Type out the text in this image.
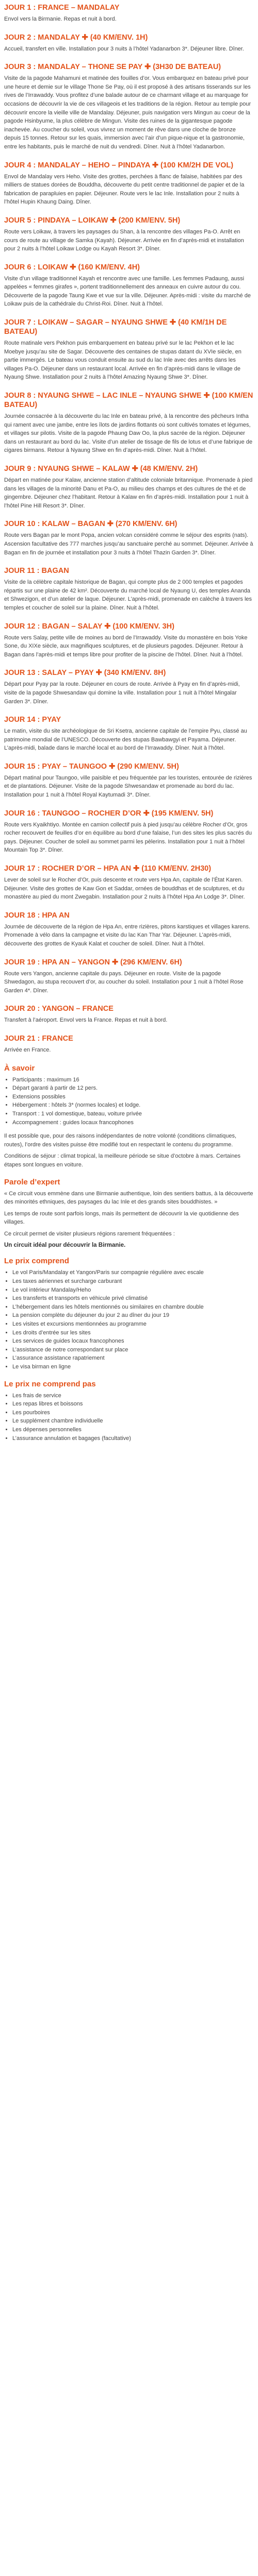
JOUR 1 : FRANCE – MANDALAY

Envol vers la Birmanie. Repas et nuit à bord.

JOUR 2 : MANDALAY ✚ (40 KM/ENV. 1H)

Accueil, transfert en ville. Installation pour 3 nuits à l’hôtel Yadanarbon 3*. Déjeuner libre. Dîner.

JOUR 3 : MANDALAY – THONE SE PAY ✚ (3H30 DE BATEAU)

Visite de la pagode Mahamuni et matinée des fouilles d’or. Vous embarquez en bateau privé pour une heure et demie sur le village Thone Se Pay, où il est proposé à des artisans tisserands sur les rives de l’Irrawaddy. Vous profitez d’une balade autour de ce charmant village et au marquage for occasions de découvrir la vie de ces villageois et les traditions de la région. Retour au temple pour découvrir encore la vieille ville de Mandalay. Déjeuner, puis navigation vers Mingun au coeur de la pagode Hsinbyume, la plus célèbre de Mingun. Visite des ruines de la gigantesque pagode inachevée. Au coucher du soleil, vous vivrez un moment de rêve dans une cloche de bronze depuis 15 tonnes. Retour sur les quais, immersion avec l’air d’un pique-nique et la gastronomie, entre les habitants, puis le marché de nuit du vendredi. Dîner. Nuit à l’hôtel Yadanarbon.

JOUR 4 : MANDALAY – HEHO – PINDAYA ✚ (100 KM/2H DE VOL)

Envol de Mandalay vers Heho. Visite des grottes, perchées à flanc de falaise, habitées par des milliers de statues dorées de Bouddha, découverte du petit centre traditionnel de papier et de la fabrication de parapluies en papier. Déjeuner. Route vers le lac Inle. Installation pour 2 nuits à l’hôtel Hupin Khaung Daing. Dîner.

JOUR 5 : PINDAYA – LOIKAW ✚ (200 KM/ENV. 5H)

Route vers Loikaw, à travers les paysages du Shan, à la rencontre des villages Pa-O. Arrêt en cours de route au village de Samka (Kayah). Déjeuner. Arrivée en fin d’après-midi et installation pour 2 nuits à l’hôtel Loikaw Lodge ou Kayah Resort 3*. Dîner.

JOUR 6 : LOIKAW ✚ (160 KM/ENV. 4H)

Visite d’un village traditionnel Kayah et rencontre avec une famille. Les femmes Padaung, aussi appelées « femmes girafes », portent traditionnellement des anneaux en cuivre autour du cou. Découverte de la pagode Taung Kwe et vue sur la ville. Déjeuner. Après-midi : visite du marché de Loikaw puis de la cathédrale du Christ-Roi. Dîner. Nuit à l’hôtel.

JOUR 7 : LOIKAW – SAGAR – NYAUNG SHWE ✚ (40 KM/1H DE BATEAU)

Route matinale vers Pekhon puis embarquement en bateau privé sur le lac Pekhon et le lac Moebye jusqu’au site de Sagar. Découverte des centaines de stupas datant du XVIe siècle, en partie immergés. Le bateau vous conduit ensuite au sud du lac Inle avec des arrêts dans les villages Pa-O. Déjeuner dans un restaurant local. Arrivée en fin d’après-midi dans le village de Nyaung Shwe. Installation pour 2 nuits à l’hôtel Amazing Nyaung Shwe 3*. Dîner.

JOUR 8 : NYAUNG SHWE – LAC INLE – NYAUNG SHWE ✚ (100 KM/EN BATEAU)

Journée consacrée à la découverte du lac Inle en bateau privé, à la rencontre des pêcheurs Intha qui rament avec une jambe, entre les îlots de jardins flottants où sont cultivés tomates et légumes, et villages sur pilotis. Visite de la pagode Phaung Daw Oo, la plus sacrée de la région. Déjeuner dans un restaurant au bord du lac. Visite d’un atelier de tissage de fils de lotus et d’une fabrique de cigares birmans. Retour à Nyaung Shwe en fin d’après-midi. Dîner. Nuit à l’hôtel.

JOUR 9 : NYAUNG SHWE – KALAW ✚ (48 KM/ENV. 2H)

Départ en matinée pour Kalaw, ancienne station d’altitude coloniale britannique. Promenade à pied dans les villages de la minorité Danu et Pa-O, au milieu des champs et des cultures de thé et de gingembre. Déjeuner chez l’habitant. Retour à Kalaw en fin d’après-midi. Installation pour 1 nuit à l’hôtel Pine Hill Resort 3*. Dîner.

JOUR 10 : KALAW – BAGAN ✚ (270 KM/ENV. 6H)

Route vers Bagan par le mont Popa, ancien volcan considéré comme le séjour des esprits (nats). Ascension facultative des 777 marches jusqu’au sanctuaire perché au sommet. Déjeuner. Arrivée à Bagan en fin de journée et installation pour 3 nuits à l’hôtel Thazin Garden 3*. Dîner.

JOUR 11 : BAGAN

Visite de la célèbre capitale historique de Bagan, qui compte plus de 2 000 temples et pagodes répartis sur une plaine de 42 km². Découverte du marché local de Nyaung U, des temples Ananda et Shwezigon, et d’un atelier de laque. Déjeuner. L’après-midi, promenade en calèche à travers les temples et coucher de soleil sur la plaine. Dîner. Nuit à l’hôtel.

JOUR 12 : BAGAN – SALAY ✚ (100 KM/ENV. 3H)

Route vers Salay, petite ville de moines au bord de l’Irrawaddy. Visite du monastère en bois Yoke Sone, du XIXe siècle, aux magnifiques sculptures, et de plusieurs pagodes. Déjeuner. Retour à Bagan dans l’après-midi et temps libre pour profiter de la piscine de l’hôtel. Dîner. Nuit à l’hôtel.

JOUR 13 : SALAY – PYAY ✚ (340 KM/ENV. 8H)

Départ pour Pyay par la route. Déjeuner en cours de route. Arrivée à Pyay en fin d’après-midi, visite de la pagode Shwesandaw qui domine la ville. Installation pour 1 nuit à l’hôtel Mingalar Garden 3*. Dîner.

JOUR 14 : PYAY

Le matin, visite du site archéologique de Sri Ksetra, ancienne capitale de l’empire Pyu, classé au patrimoine mondial de l’UNESCO. Découverte des stupas Bawbawgyi et Payama. Déjeuner. L’après-midi, balade dans le marché local et au bord de l’Irrawaddy. Dîner. Nuit à l’hôtel.

JOUR 15 : PYAY – TAUNGOO ✚ (290 KM/ENV. 5H)

Départ matinal pour Taungoo, ville paisible et peu fréquentée par les touristes, entourée de rizières et de plantations. Déjeuner. Visite de la pagode Shwesandaw et promenade au bord du lac. Installation pour 1 nuit à l’hôtel Royal Kaytumadi 3*. Dîner.

JOUR 16 : TAUNGOO – ROCHER D’OR ✚ (195 KM/ENV. 5H)

Route vers Kyaikhtiyo. Montée en camion collectif puis à pied jusqu’au célèbre Rocher d’Or, gros rocher recouvert de feuilles d’or en équilibre au bord d’une falaise, l’un des sites les plus sacrés du pays. Déjeuner. Coucher de soleil au sommet parmi les pèlerins. Installation pour 1 nuit à l’hôtel Mountain Top 3*. Dîner.

JOUR 17 : ROCHER D’OR – HPA AN ✚ (110 KM/ENV. 2H30)

Lever de soleil sur le Rocher d’Or, puis descente et route vers Hpa An, capitale de l’État Karen. Déjeuner. Visite des grottes de Kaw Gon et Saddar, ornées de bouddhas et de sculptures, et du monastère au pied du mont Zwegabin. Installation pour 2 nuits à l’hôtel Hpa An Lodge 3*. Dîner.

JOUR 18 : HPA AN

Journée de découverte de la région de Hpa An, entre rizières, pitons karstiques et villages karens. Promenade à vélo dans la campagne et visite du lac Kan Thar Yar. Déjeuner. L’après-midi, découverte des grottes de Kyauk Kalat et coucher de soleil. Dîner. Nuit à l’hôtel.

JOUR 19 : HPA AN – YANGON ✚ (296 KM/ENV. 6H)

Route vers Yangon, ancienne capitale du pays. Déjeuner en route. Visite de la pagode Shwedagon, au stupa recouvert d’or, au coucher du soleil. Installation pour 1 nuit à l’hôtel Rose Garden 4*. Dîner.

JOUR 20 : YANGON – FRANCE

Transfert à l’aéroport. Envol vers la France. Repas et nuit à bord.

JOUR 21 : FRANCE

Arrivée en France.

À savoir
• Participants : maximum 16
• Départ garanti à partir de 12 pers.
• Extensions possibles
• Hébergement : hôtels 3* (normes locales) et lodge.
• Transport : 1 vol domestique, bateau, voiture privée
• Accompagnement : guides locaux francophones

Il est possible que, pour des raisons indépendantes de notre volonté (conditions climatiques, routes), l’ordre des visites puisse être modifié tout en respectant le contenu du programme.

Conditions de séjour : climat tropical, la meilleure période se situe d’octobre à mars. Certaines étapes sont longues en voiture.

Parole d’expert

« Ce circuit vous emmène dans une Birmanie authentique, loin des sentiers battus, à la découverte des minorités ethniques, des paysages du lac Inle et des grands sites bouddhistes. »

Les temps de route sont parfois longs, mais ils permettent de découvrir la vie quotidienne des villages.

Ce circuit permet de visiter plusieurs régions rarement fréquentées :

Un circuit idéal pour découvrir la Birmanie.
Le prix comprend
• Le vol Paris/Mandalay et Yangon/Paris sur compagnie régulière avec escale
• Les taxes aériennes et surcharge carburant
• Le vol intérieur Mandalay/Heho
• Les transferts et transports en véhicule privé climatisé
• L’hébergement dans les hôtels mentionnés ou similaires en chambre double
• La pension complète du déjeuner du jour 2 au dîner du jour 19
• Les visites et excursions mentionnées au programme
• Les droits d’entrée sur les sites
• Les services de guides locaux francophones
• L’assistance de notre correspondant sur place
• L’assurance assistance rapatriement
• Le visa birman en ligne
Le prix ne comprend pas
• Les frais de service
• Les repas libres et boissons
• Les pourboires
• Le supplément chambre individuelle
• Les dépenses personnelles
• L’assurance annulation et bagages (facultative)
